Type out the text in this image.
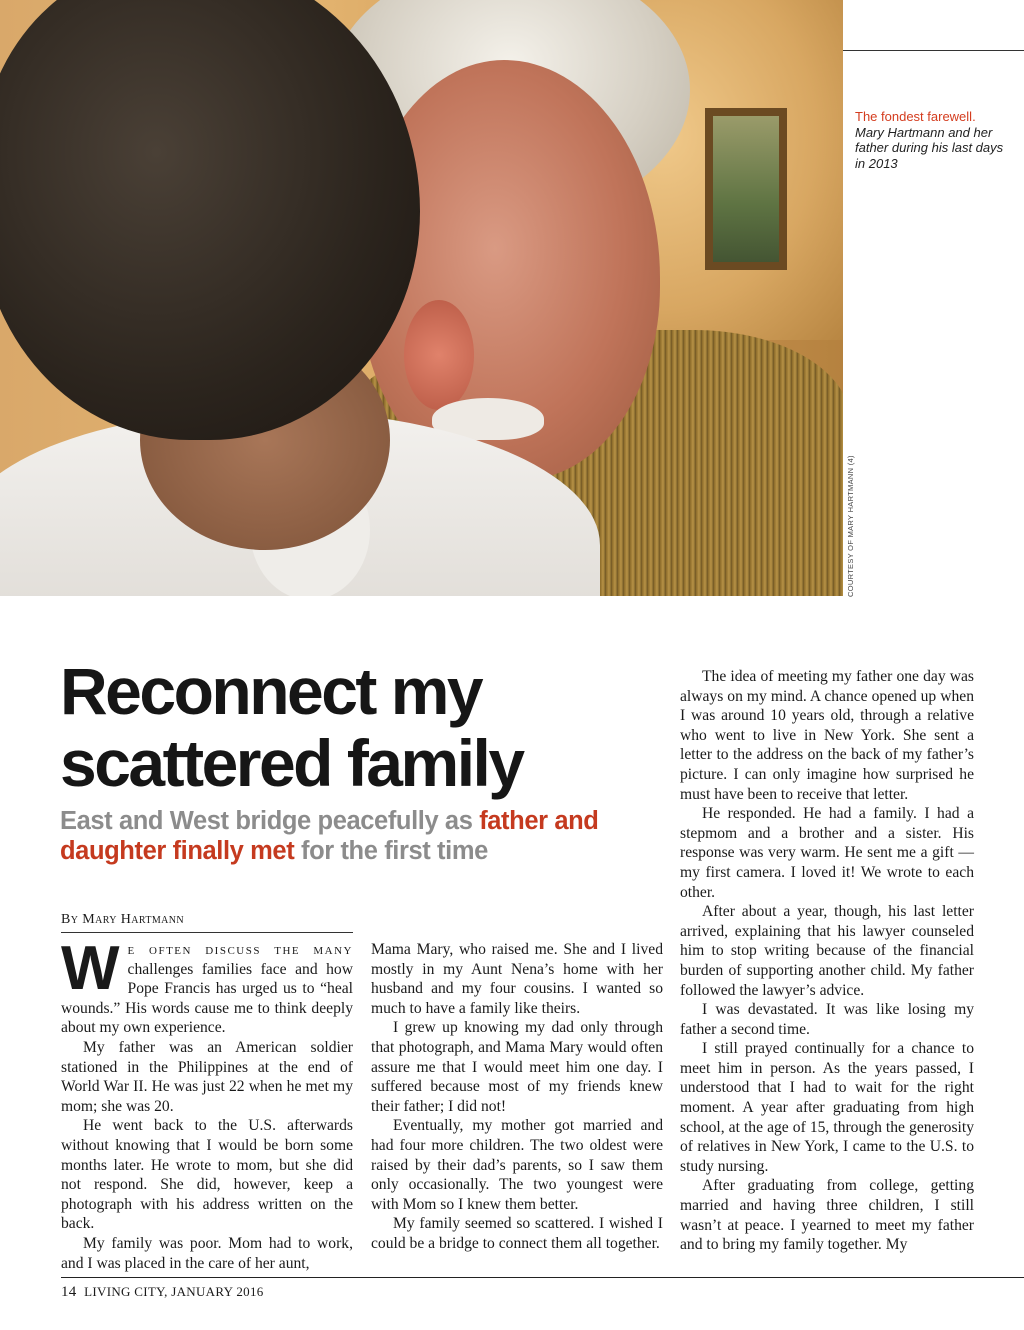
COURTESY OF MARY HARTMANN (4)
The fondest farewell. Mary Hartmann and her father during his last days in 2013
Reconnect my
scattered family
East and West bridge peacefully as father and daughter finally met for the first time
By Mary Hartmann

We often discuss the many challenges families face and how Pope Francis has urged us to “heal wounds.” His words cause me to think deeply about my own experience.

My father was an American soldier stationed in the Philippines at the end of World War II. He was just 22 when he met my mom; she was 20.

He went back to the U.S. afterwards without knowing that I would be born some months later. He wrote to mom, but she did not respond. She did, however, keep a photograph with his address written on the back.

My family was poor. Mom had to work, and I was placed in the care of her aunt,

Mama Mary, who raised me. She and I lived mostly in my Aunt Nena’s home with her husband and my four cousins. I wanted so much to have a family like theirs.

I grew up knowing my dad only through that photograph, and Mama Mary would often assure me that I would meet him one day. I suffered because most of my friends knew their father; I did not!

Eventually, my mother got married and had four more children. The two oldest were raised by their dad’s parents, so I saw them only occasionally. The two youngest were with Mom so I knew them better.

My family seemed so scattered. I wished I could be a bridge to connect them all together.

The idea of meeting my father one day was always on my mind. A chance opened up when I was around 10 years old, through a relative who went to live in New York. She sent a letter to the address on the back of my father’s picture. I can only imagine how surprised he must have been to receive that letter.

He responded. He had a family. I had a stepmom and a brother and a sister. His response was very warm. He sent me a gift — my first camera. I loved it! We wrote to each other.

After about a year, though, his last letter arrived, explaining that his lawyer counseled him to stop writing because of the financial burden of supporting another child. My father followed the lawyer’s advice.

I was devastated. It was like losing my father a second time.

I still prayed continually for a chance to meet him in person. As the years passed, I understood that I had to wait for the right moment. A year after graduating from high school, at the age of 15, through the generosity of relatives in New York, I came to the U.S. to study nursing.

After graduating from college, getting married and having three children, I still wasn’t at peace. I yearned to meet my father and to bring my family together. My

14 LIVING CITY, JANUARY 2016
